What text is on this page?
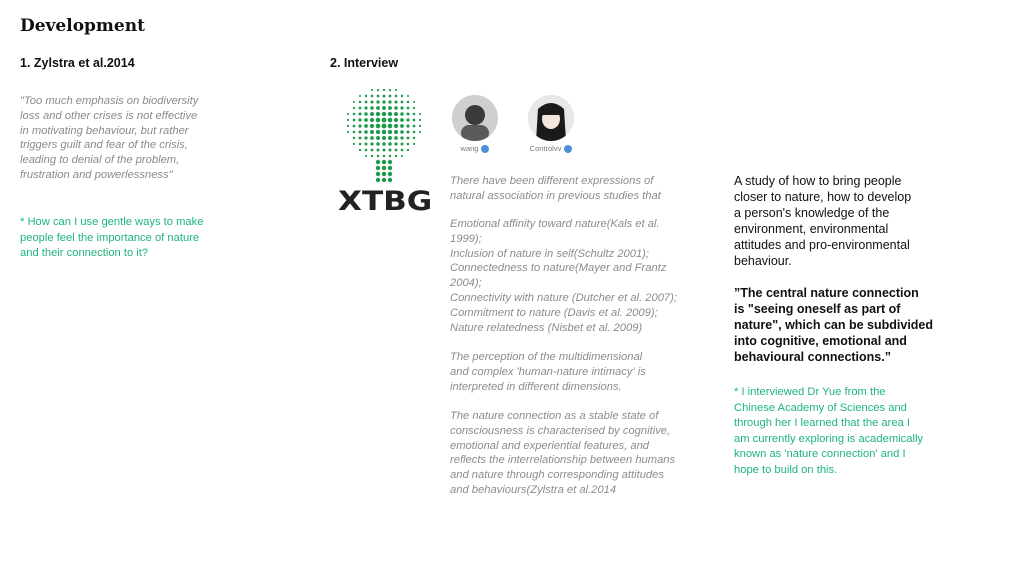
Development
1. Zylstra et al.2014
"Too much emphasis on biodiversity
loss and other crises is not effective
in motivating behaviour, but rather
triggers guilt and fear of the crisis,
leading to denial of the problem,
frustration and powerlessness"
* How can I use gentle ways to make
people feel the importance of nature
and their connection to it?
2. Interview
XTBG
wang	Controlvv
There have been different expressions of
natural association in previous studies that
Emotional affinity toward nature(Kals et al.
1999);
Inclusion of nature in self(Schultz 2001);
Connectedness to nature(Mayer and Frantz
2004);
Connectivity with nature (Dutcher et al. 2007);
Commitment to nature (Davis et al. 2009);
Nature relatedness (Nisbet et al. 2009)
The perception of the multidimensional
and complex 'human-nature intimacy' is
interpreted in different dimensions.
The nature connection as a stable state of
consciousness is characterised by cognitive,
emotional and experiential features, and
reflects the interrelationship between humans
and nature through corresponding attitudes
and behaviours(Zylstra et al.2014
A study of how to bring people
closer to nature, how to develop
a person's knowledge of the
environment, environmental
attitudes and pro-environmental
behaviour.
”The central nature connection
is "seeing oneself as part of
nature", which can be subdivided
into cognitive, emotional and
behavioural connections.”
* I interviewed Dr Yue from the
Chinese Academy of Sciences and
through her I learned that the area I
am currently exploring is academically
known as 'nature connection' and I
hope to build on this.
